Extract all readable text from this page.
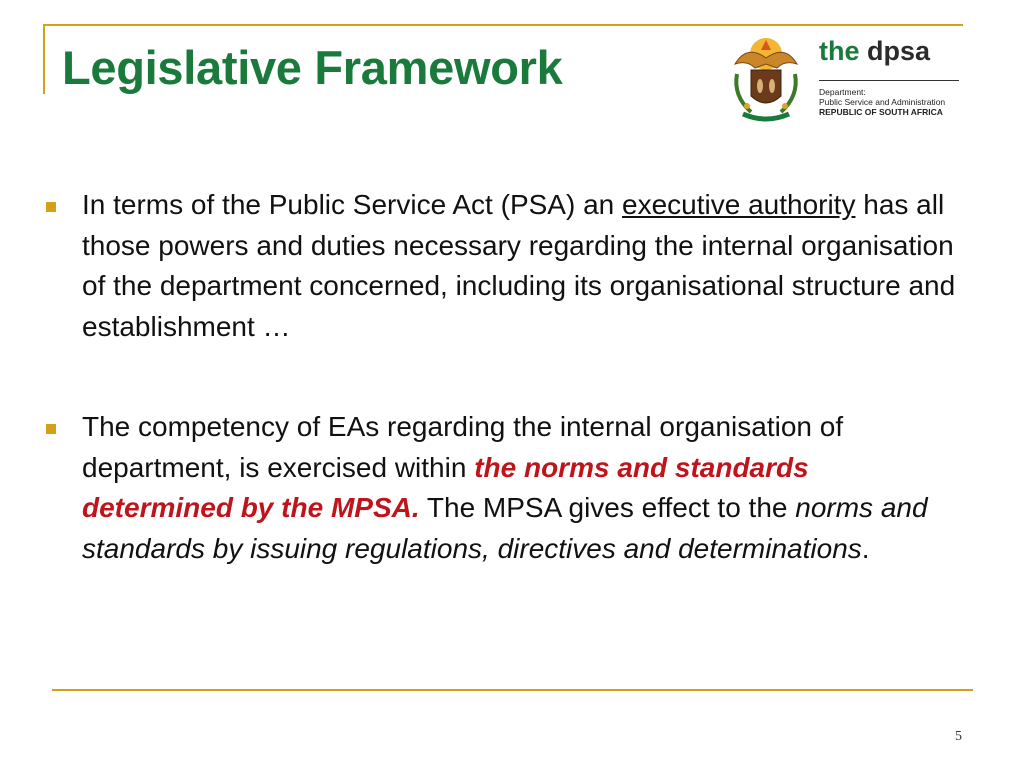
Legislative Framework	the dpsa
Department:
Public Service and Administration
REPUBLIC OF SOUTH AFRICA
In terms of the Public Service Act (PSA) an executive authority has all those powers and duties necessary regarding the internal organisation of the department concerned, including its organisational structure and establishment …
The competency of EAs regarding the internal organisation of department, is exercised within the norms and standards determined by the MPSA. The MPSA gives effect to the norms and standards by issuing regulations, directives and determinations.
5
